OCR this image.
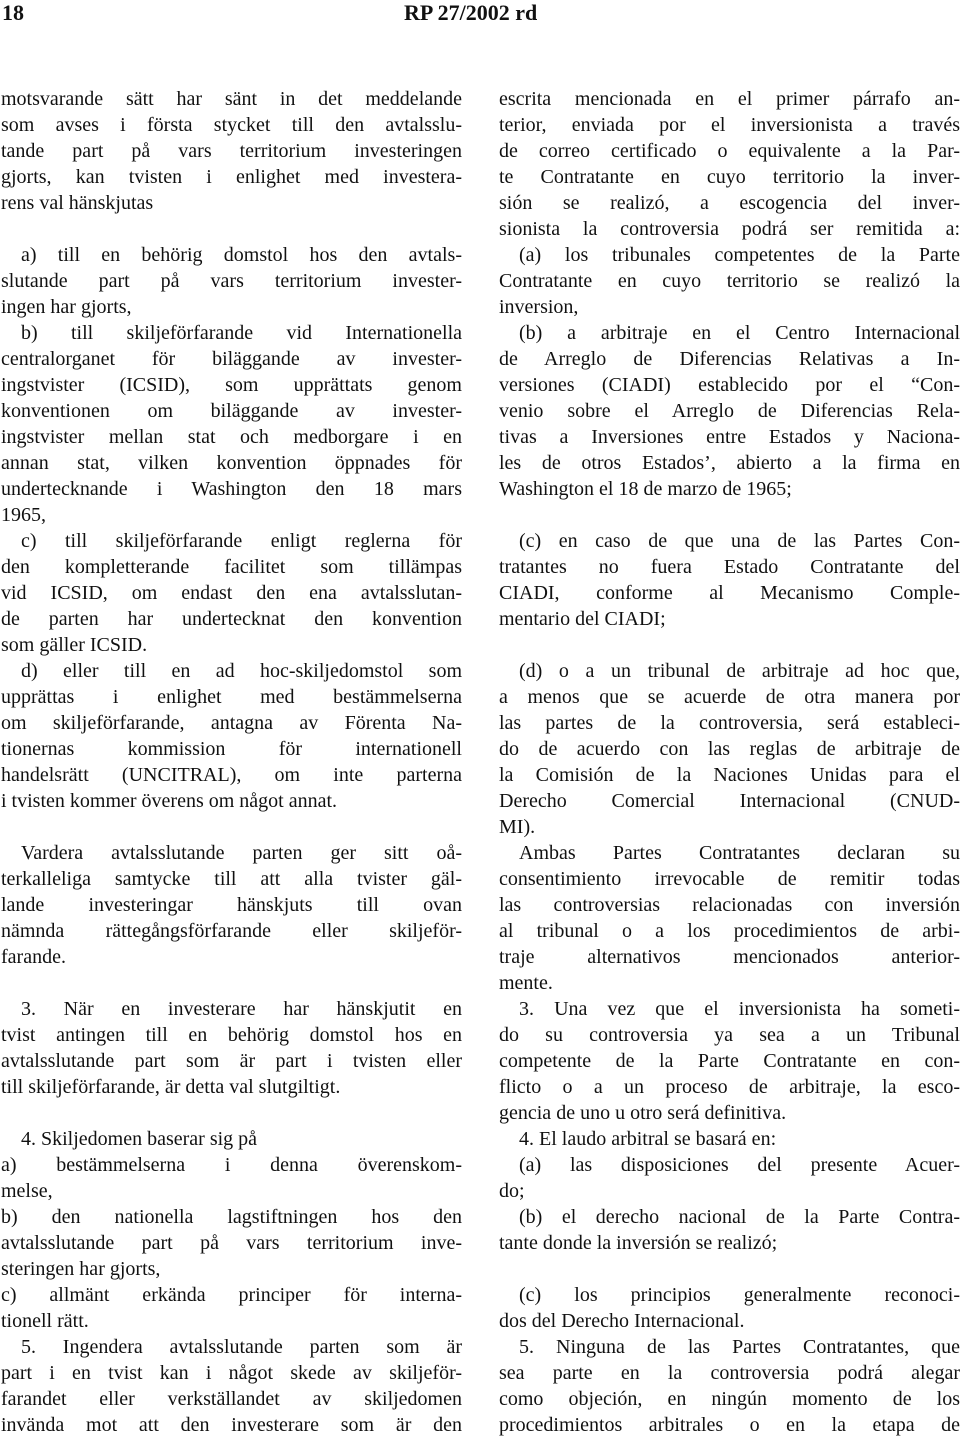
18	RP 27/2002 rd
motsvarande sätt har sänt in det meddelande
som avses i första stycket till den avtalsslu-
tande part på vars territorium investeringen
gjorts, kan tvisten i enlighet med investera-
rens val hänskjutas
a) till en behörig domstol hos den avtals-
slutande part på vars territorium invester-
ingen har gjorts,
b) till skiljeförfarande vid Internationella
centralorganet för biläggande av invester-
ingstvister (ICSID), som upprättats genom
konventionen om biläggande av invester-
ingstvister mellan stat och medborgare i en
annan stat, vilken konvention öppnades för
undertecknande i Washington den 18 mars
1965,
c) till skiljeförfarande enligt reglerna för
den kompletterande facilitet som tillämpas
vid ICSID, om endast den ena avtalsslutan-
de parten har undertecknat den konvention
som gäller ICSID.
d) eller till en ad hoc-skiljedomstol som
upprättas i enlighet med bestämmelserna
om skiljeförfarande, antagna av Förenta Na-
tionernas kommission för internationell
handelsrätt (UNCITRAL), om inte parterna
i tvisten kommer överens om något annat.
Vardera avtalsslutande parten ger sitt oå-
terkalleliga samtycke till att alla tvister gäl-
lande investeringar hänskjuts till ovan
nämnda rättegångsförfarande eller skiljeför-
farande.
3. När en investerare har hänskjutit en
tvist antingen till en behörig domstol hos en
avtalsslutande part som är part i tvisten eller
till skiljeförfarande, är detta val slutgiltigt.
4. Skiljedomen baserar sig på
a) bestämmelserna i denna överenskom-
melse,
b) den nationella lagstiftningen hos den
avtalsslutande part på vars territorium inve-
steringen har gjorts,
c) allmänt erkända principer för interna-
tionell rätt.
5. Ingendera avtalsslutande parten som är
part i en tvist kan i något skede av skiljeför-
farandet eller verkställandet av skiljedomen
invända mot att den investerare som är den
escrita mencionada en el primer párrafo an-
terior, enviada por el inversionista a través
de correo certificado o equivalente a la Par-
te Contratante en cuyo territorio la inver-
sión se realizó, a escogencia del inver-
sionista la controversia podrá ser remitida a:
(a) los tribunales competentes de la Parte
Contratante en cuyo territorio se realizó la
inversion,
(b) a arbitraje en el Centro Internacional
de Arreglo de Diferencias Relativas a In-
versiones (CIADI) establecido por el “Con-
venio sobre el Arreglo de Diferencias Rela-
tivas a Inversiones entre Estados y Naciona-
les de otros Estados’, abierto a la firma en
Washington el 18 de marzo de 1965;
(c) en caso de que una de las Partes Con-
tratantes no fuera Estado Contratante del
CIADI, conforme al Mecanismo Comple-
mentario del CIADI;
(d) o a un tribunal de arbitraje ad hoc que,
a menos que se acuerde de otra manera por
las partes de la controversia, será estableci-
do de acuerdo con las reglas de arbitraje de
la Comisión de la Naciones Unidas para el
Derecho Comercial Internacional (CNUD-
MI).
Ambas Partes Contratantes declaran su
consentimiento irrevocable de remitir todas
las controversias relacionadas con inversión
al tribunal o a los procedimientos de arbi-
traje alternativos mencionados anterior-
mente.
3. Una vez que el inversionista ha someti-
do su controversia ya sea a un Tribunal
competente de la Parte Contratante en con-
flicto o a un proceso de arbitraje, la esco-
gencia de uno u otro será definitiva.
4. El laudo arbitral se basará en:
(a) las disposiciones del presente Acuer-
do;
(b) el derecho nacional de la Parte Contra-
tante donde la inversión se realizó;
(c) los principios generalmente reconoci-
dos del Derecho Internacional.
5. Ninguna de las Partes Contratantes, que
sea parte en la controversia podrá alegar
como objeción, en ningún momento de los
procedimientos arbitrales o en la etapa de
